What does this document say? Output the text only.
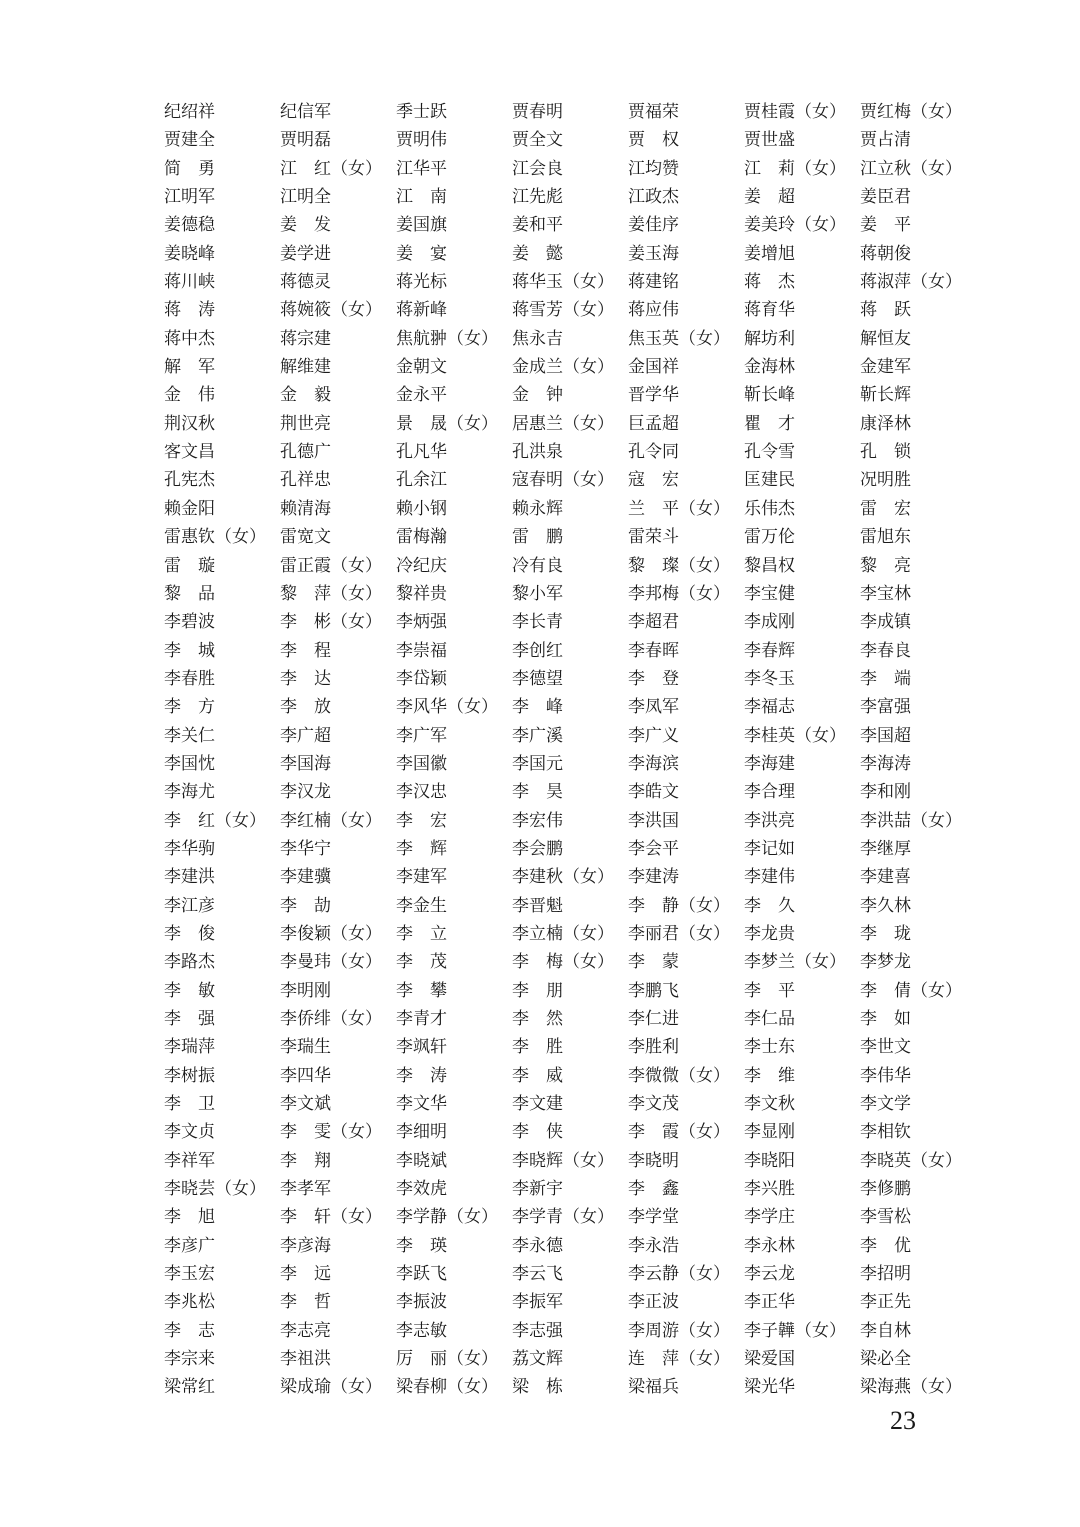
纪绍祥	纪信军	季士跃	贾春明	贾福荣	贾桂霞（女） 贾红梅（女）
贾建全	贾明磊	贾明伟	贾全文	贾　权	贾世盛	贾占清
简　勇	江　红（女） 江华平	江会良	江均赞	江　莉（女） 江立秋（女）
江明军	江明全	江　南	江先彪	江政杰	姜　超	姜臣君
姜德稳	姜　发	姜国旗	姜和平	姜佳序	姜美玲（女） 姜　平
姜晓峰	姜学进	姜　宴	姜　懿	姜玉海	姜增旭	蒋朝俊
蒋川峡	蒋德灵	蒋光标	蒋华玉（女） 蒋建铭	蒋　杰	蒋淑萍（女）
蒋　涛	蒋婉筱（女） 蒋新峰	蒋雪芳（女） 蒋应伟	蒋育华	蒋　跃
蒋中杰	蒋宗建	焦航翀（女） 焦永吉	焦玉英（女） 解坊利	解恒友
解　军	解维建	金朝文	金成兰（女） 金国祥	金海林	金建军
金　伟	金　毅	金永平	金　钟	晋学华	靳长峰	靳长辉
荆汉秋	荆世亮	景　晟（女） 居惠兰（女） 巨孟超	瞿　才	康泽林
客文昌	孔德广	孔凡华	孔洪泉	孔令同	孔令雪	孔　锁
孔宪杰	孔祥忠	孔余江	寇春明（女） 寇　宏	匡建民	况明胜
赖金阳	赖清海	赖小钢	赖永辉	兰　平（女） 乐伟杰	雷　宏
雷惠钦（女） 雷宽文	雷梅瀚	雷　鹏	雷荣斗	雷万伦	雷旭东
雷　璇	雷正霞（女） 冷纪庆	冷有良	黎　璨（女） 黎昌权	黎　亮
黎　品	黎　萍（女） 黎祥贵	黎小军	李邦梅（女） 李宝健	李宝林
李碧波	李　彬（女） 李炳强	李长青	李超君	李成刚	李成镇
李　城	李　程	李崇福	李创红	李春晖	李春辉	李春良
李春胜	李　达	李岱颖	李德望	李　登	李冬玉	李　端
李　方	李　放	李风华（女） 李　峰	李凤军	李福志	李富强
李关仁	李广超	李广军	李广溪	李广义	李桂英（女） 李国超
李国忱	李国海	李国徽	李国元	李海滨	李海建	李海涛
李海尤	李汉龙	李汉忠	李　昊	李皓文	李合理	李和刚
李　红（女） 李红楠（女） 李　宏	李宏伟	李洪国	李洪亮	李洪喆（女）
李华驹	李华宁	李　辉	李会鹏	李会平	李记如	李继厚
李建洪	李建骥	李建军	李建秋（女） 李建涛	李建伟	李建喜
李江彦	李　劼	李金生	李晋魁	李　静（女） 李　久	李久林
李　俊	李俊颖（女） 李　立	李立楠（女） 李丽君（女） 李龙贵	李　珑
李路杰	李曼玮（女） 李　茂	李　梅（女） 李　蒙	李梦兰（女） 李梦龙
李　敏	李明刚	李　攀	李　朋	李鹏飞	李　平	李　倩（女）
李　强	李侨绯（女） 李青才	李　然	李仁进	李仁品	李　如
李瑞萍	李瑞生	李飒轩	李　胜	李胜利	李士东	李世文
李树振	李四华	李　涛	李　威	李微微（女） 李　维	李伟华
李　卫	李文斌	李文华	李文建	李文茂	李文秋	李文学
李文贞	李　雯（女） 李细明	李　侠	李　霞（女） 李显刚	李相钦
李祥军	李　翔	李晓斌	李晓辉（女） 李晓明	李晓阳	李晓英（女）
李晓芸（女） 李孝军	李效虎	李新宇	李　鑫	李兴胜	李修鹏
李　旭	李　轩（女） 李学静（女） 李学青（女） 李学堂	李学庄	李雪松
李彦广	李彦海	李　瑛	李永德	李永浩	李永林	李　优
李玉宏	李　远	李跃飞	李云飞	李云静（女） 李云龙	李招明
李兆松	李　哲	李振波	李振军	李正波	李正华	李正先
李　志	李志亮	李志敏	李志强	李周游（女） 李子韡（女） 李自林
李宗来	李祖洪	厉　丽（女） 荔文辉	连　萍（女） 梁爱国	梁必全
梁常红	梁成瑜（女） 梁春柳（女） 梁　栋	梁福兵	梁光华	梁海燕（女）
23
